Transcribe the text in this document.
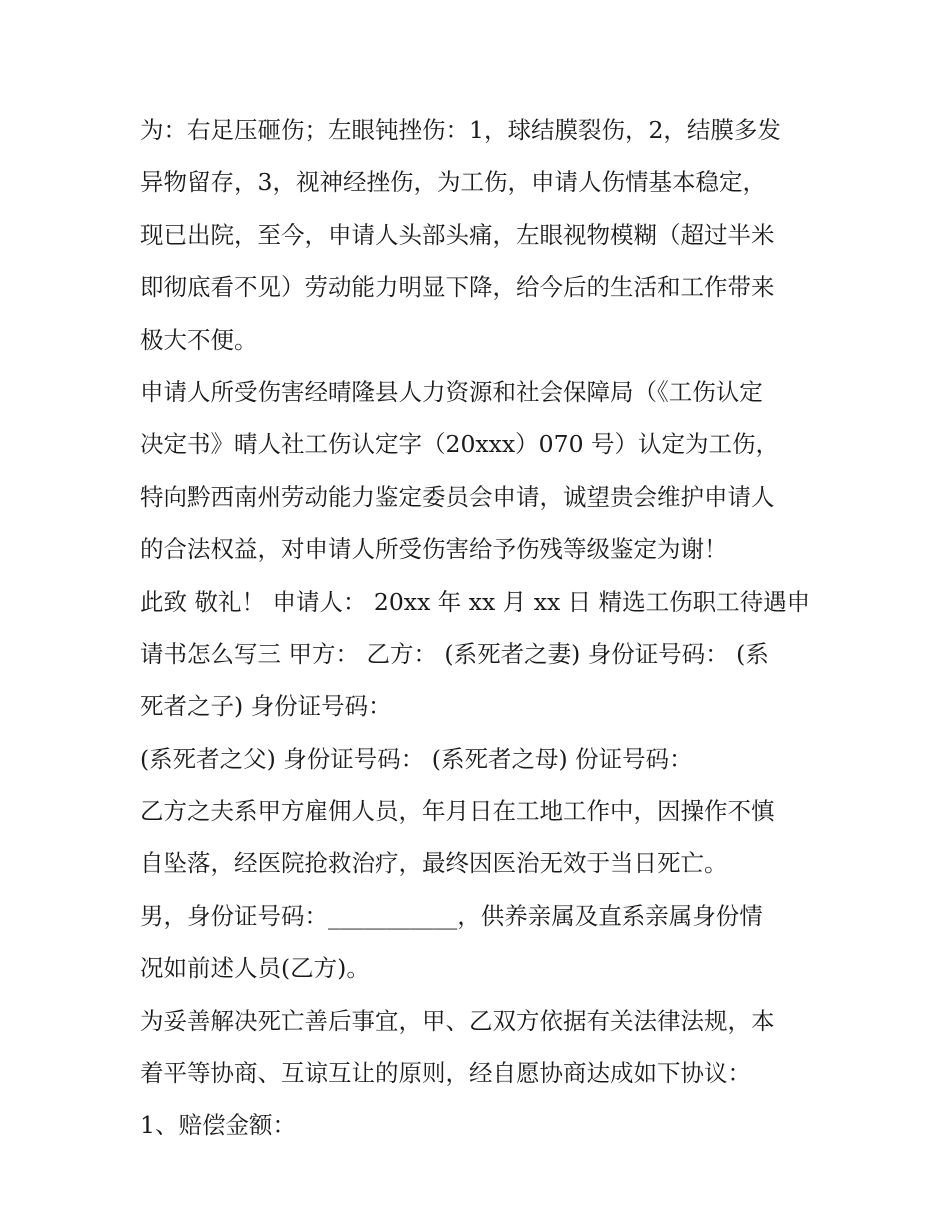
为：右足压砸伤；左眼钝挫伤：1，球结膜裂伤，2，结膜多发
异物留存，3，视神经挫伤，为工伤，申请人伤情基本稳定，
现已出院，至今，申请人头部头痛，左眼视物模糊（超过半米
即彻底看不见）劳动能力明显下降，给今后的生活和工作带来
极大不便。
申请人所受伤害经晴隆县人力资源和社会保障局（《工伤认定
决定书》晴人社工伤认定字（20xxx）070 号）认定为工伤，
特向黔西南州劳动能力鉴定委员会申请，诚望贵会维护申请人
的合法权益，对申请人所受伤害给予伤残等级鉴定为谢！
此致 敬礼！ 申请人： 20xx 年 xx 月 xx 日 精选工伤职工待遇申
请书怎么写三 甲方： 乙方： (系死者之妻) 身份证号码： (系
死者之子) 身份证号码：
(系死者之父) 身份证号码： (系死者之母) 份证号码：
乙方之夫系甲方雇佣人员，年月日在工地工作中，因操作不慎
自坠落，经医院抢救治疗，最终因医治无效于当日死亡。
男，身份证号码：___________，供养亲属及直系亲属身份情
况如前述人员(乙方)。
为妥善解决死亡善后事宜，甲、乙双方依据有关法律法规，本
着平等协商、互谅互让的原则，经自愿协商达成如下协议：
1、赔偿金额：
